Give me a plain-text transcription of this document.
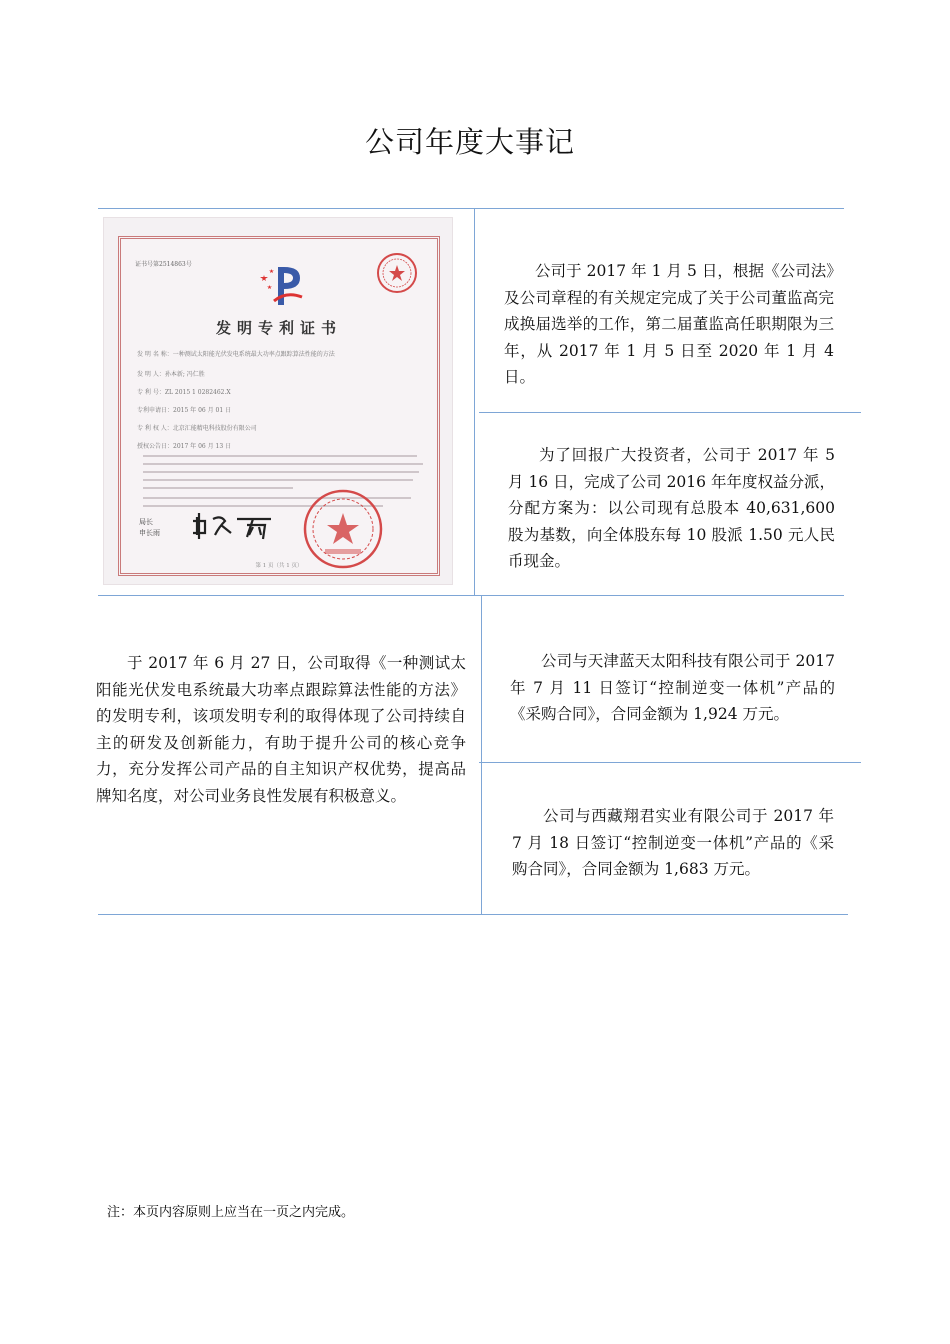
公司年度大事记
证书号第2514863号
发明专利证书
发 明 名 称：一种测试太阳能光伏发电系统最大功率点跟踪算法性能的方法
发 明 人：孙本新; 冯仁胜
专 利 号：ZL 2015 1 0282462.X
专利申请日：2015 年 06 月 01 日
专 利 权 人：北京汇能精电科技股份有限公司
授权公告日：2017 年 06 月 13 日
局长
申长雨
第 1 页（共 1 页）

公司于 2017 年 1 月 5 日，根据《公司法》及公司章程的有关规定完成了关于公司董监高完成换届选举的工作，第二届董监高任职期限为三年，从 2017 年 1 月 5 日至 2020 年 1 月 4 日。

为了回报广大投资者，公司于 2017 年 5 月 16 日，完成了公司 2016 年年度权益分派，分配方案为：以公司现有总股本 40,631,600 股为基数，向全体股东每 10 股派 1.50 元人民币现金。

于 2017 年 6 月 27 日，公司取得《一种测试太阳能光伏发电系统最大功率点跟踪算法性能的方法》的发明专利，该项发明专利的取得体现了公司持续自主的研发及创新能力，有助于提升公司的核心竞争力，充分发挥公司产品的自主知识产权优势，提高品牌知名度，对公司业务良性发展有积极意义。

公司与天津蓝天太阳科技有限公司于 2017 年 7 月 11 日签订“控制逆变一体机”产品的《采购合同》，合同金额为 1,924 万元。

公司与西藏翔君实业有限公司于 2017 年 7 月 18 日签订“控制逆变一体机”产品的《采购合同》，合同金额为 1,683 万元。

注：本页内容原则上应当在一页之内完成。
